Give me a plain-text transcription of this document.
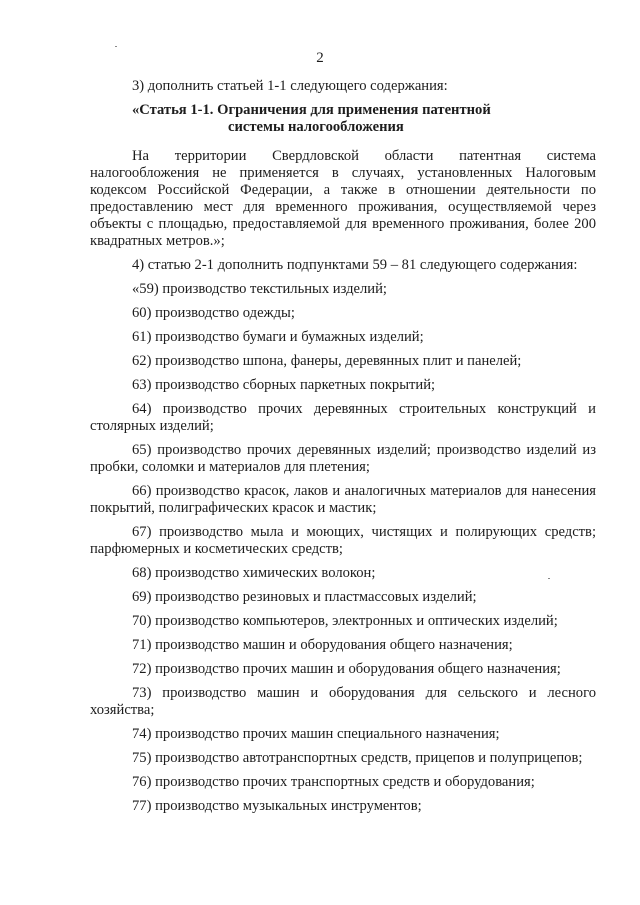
2

3) дополнить статьей 1-1 следующего содержания:

«Статья 1-1. Ограничения для применения патентной
системы налогообложения

На территории Свердловской области патентная система налогообложения не применяется в случаях, установленных Налоговым кодексом Российской Федерации, а также в отношении деятельности по предоставлению мест для временного проживания, осуществляемой через объекты с площадью, предоставляемой для временного проживания, более 200 квадратных метров.»;

4) статью 2-1 дополнить подпунктами 59 – 81 следующего содержания:

«59) производство текстильных изделий;

60) производство одежды;

61) производство бумаги и бумажных изделий;

62) производство шпона, фанеры, деревянных плит и панелей;

63) производство сборных паркетных покрытий;

64) производство прочих деревянных строительных конструкций и столярных изделий;

65) производство прочих деревянных изделий; производство изделий из пробки, соломки и материалов для плетения;

66) производство красок, лаков и аналогичных материалов для нанесения покрытий, полиграфических красок и мастик;

67) производство мыла и моющих, чистящих и полирующих средств; парфюмерных и косметических средств;

68) производство химических волокон;

69) производство резиновых и пластмассовых изделий;

70) производство компьютеров, электронных и оптических изделий;

71) производство машин и оборудования общего назначения;

72) производство прочих машин и оборудования общего назначения;

73) производство машин и оборудования для сельского и лесного хозяйства;

74) производство прочих машин специального назначения;

75) производство автотранспортных средств, прицепов и полуприцепов;

76) производство прочих транспортных средств и оборудования;

77) производство музыкальных инструментов;
